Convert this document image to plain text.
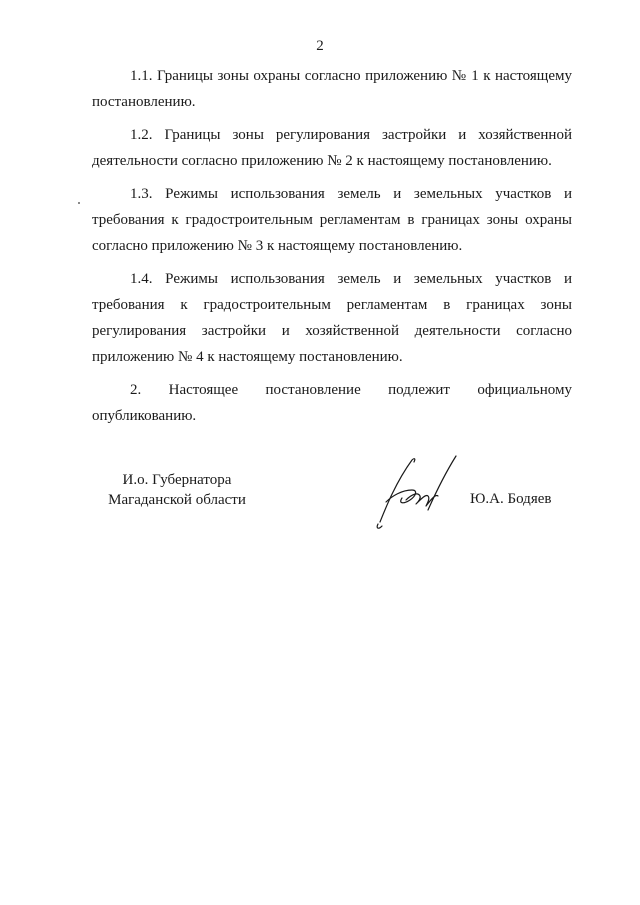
2

1.1. Границы зоны охраны согласно приложению № 1 к настоящему постановлению.

1.2. Границы зоны регулирования застройки и хозяйственной деятельности согласно приложению № 2 к настоящему постановлению.

1.3. Режимы использования земель и земельных участков и требования к градостроительным регламентам в границах зоны охраны согласно приложению № 3 к настоящему постановлению.

1.4. Режимы использования земель и земельных участков и требования к градостроительным регламентам в границах зоны регулирования застройки и хозяйственной деятельности согласно приложению № 4 к настоящему постановлению.

2. Настоящее постановление подлежит официальному опубликованию.

И.о. Губернатора
Магаданской области	Ю.А. Бодяев
